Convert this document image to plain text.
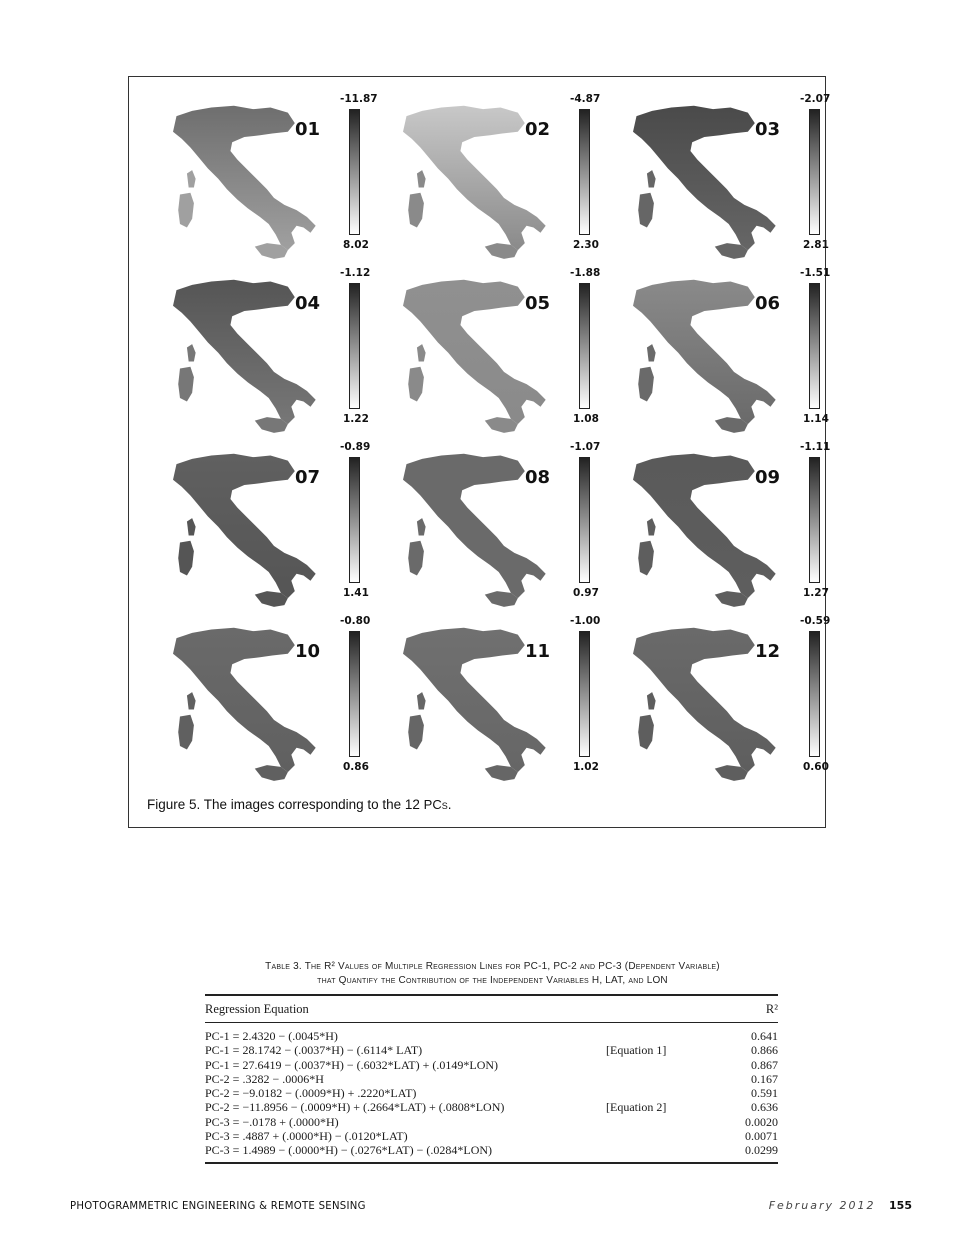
01
-11.87
8.02
02
-4.87
2.30
03
-2.07
2.81
04
-1.12
1.22
05
-1.88
1.08
06
-1.51
1.14
07
-0.89
1.41
08
-1.07
0.97
09
-1.11
1.27
10
-0.80
0.86
11
-1.00
1.02
12
-0.59
0.60
Figure 5. The images corresponding to the 12 PCs.
Table 3. The R² Values of Multiple Regression Lines for PC-1, PC-2 and PC-3 (Dependent Variable)
that Quantify the Contribution of the Independent Variables H, LAT, and LON
Regression Equation	R²
PC-1 = 2.4320 − (.0045*H)	0.641
PC-1 = 28.1742 − (.0037*H) − (.6114* LAT)	[Equation 1]	0.866
PC-1 = 27.6419 − (.0037*H) − (.6032*LAT) + (.0149*LON)	0.867
PC-2 = .3282 − .0006*H	0.167
PC-2 = −9.0182 − (.0009*H) + .2220*LAT)	0.591
PC-2 = −11.8956 − (.0009*H) + (.2664*LAT) + (.0808*LON)	[Equation 2]	0.636
PC-3 = −.0178 + (.0000*H)	0.0020
PC-3 = .4887 + (.0000*H) − (.0120*LAT)	0.0071
PC-3 = 1.4989 − (.0000*H) − (.0276*LAT) − (.0284*LON)	0.0299
PHOTOGRAMMETRIC ENGINEERING & REMOTE SENSING	February 2012 155
